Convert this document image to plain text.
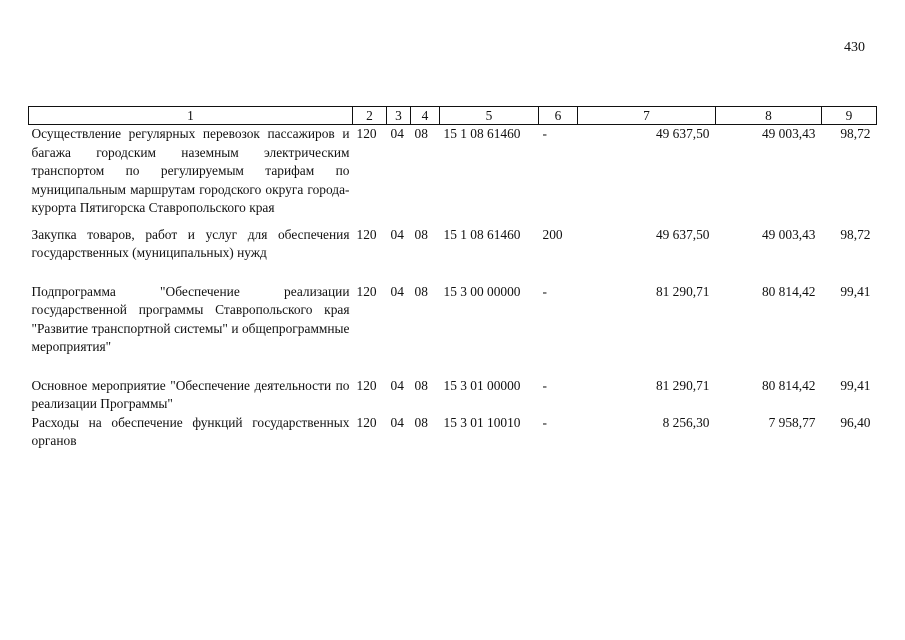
430
1	2	3	4	5	6	7	8	9
Осуществление регулярных перевозок пассажиров и багажа городским наземным электрическим транспортом по регулируемым тарифам по муниципальным маршрутам городского округа города-курорта Пятигорска Ставропольского края	120	04	08	15 1 08 61460	-	49 637,50	49 003,43	98,72
Закупка товаров, работ и услуг для обеспечения государственных (муниципальных) нужд	120	04	08	15 1 08 61460	200	49 637,50	49 003,43	98,72
Подпрограмма "Обеспечение реализации государственной программы Ставропольского края "Развитие транспортной системы" и общепрограммные мероприятия"	120	04	08	15 3 00 00000	-	81 290,71	80 814,42	99,41
Основное мероприятие "Обеспечение деятельности по реализации Программы"	120	04	08	15 3 01 00000	-	81 290,71	80 814,42	99,41
Расходы на обеспечение функций государственных органов	120	04	08	15 3 01 10010	-	8 256,30	7 958,77	96,40
